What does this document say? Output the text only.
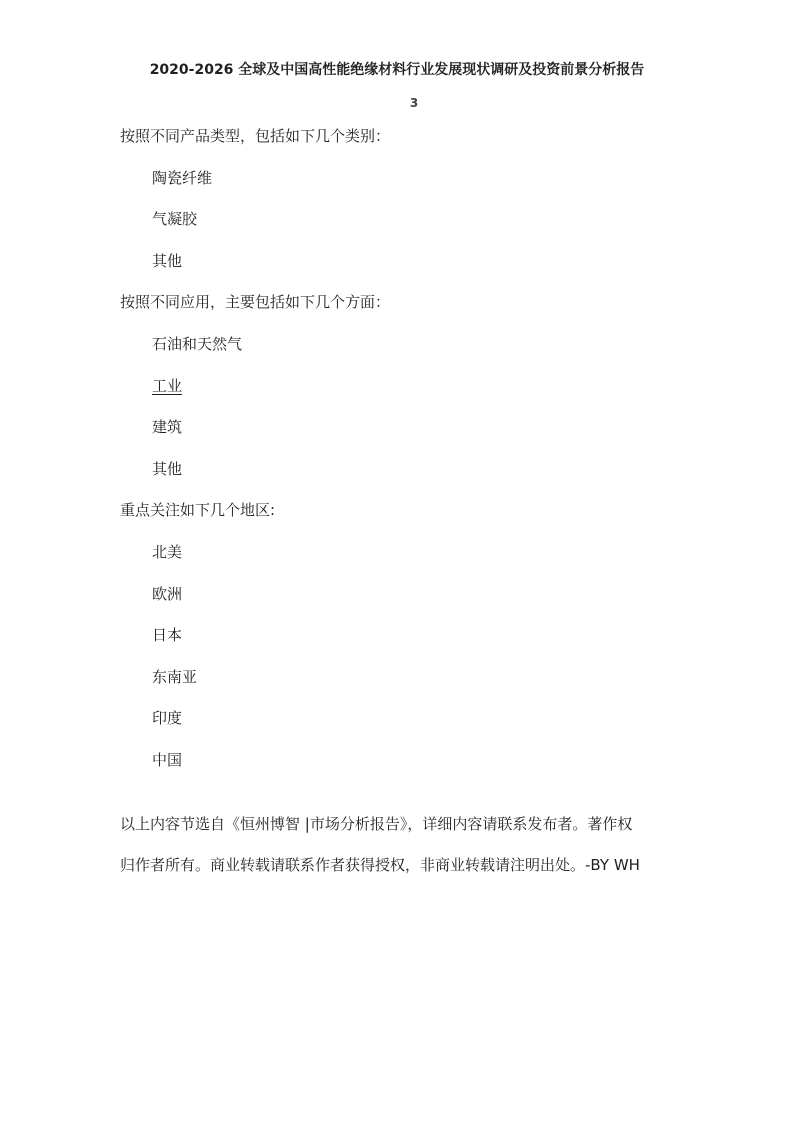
2020-2026 全球及中国高性能绝缘材料行业发展现状调研及投资前景分析报告
3
按照不同产品类型，包括如下几个类别：
陶瓷纤维
气凝胶
其他
按照不同应用，主要包括如下几个方面：
石油和天然气
工业
建筑
其他
重点关注如下几个地区:
北美
欧洲
日本
东南亚
印度
中国

以上内容节选自《恒州博智 |市场分析报告》，详细内容请联系发布者。著作权

归作者所有。商业转载请联系作者获得授权，非商业转载请注明出处。-BY WH
